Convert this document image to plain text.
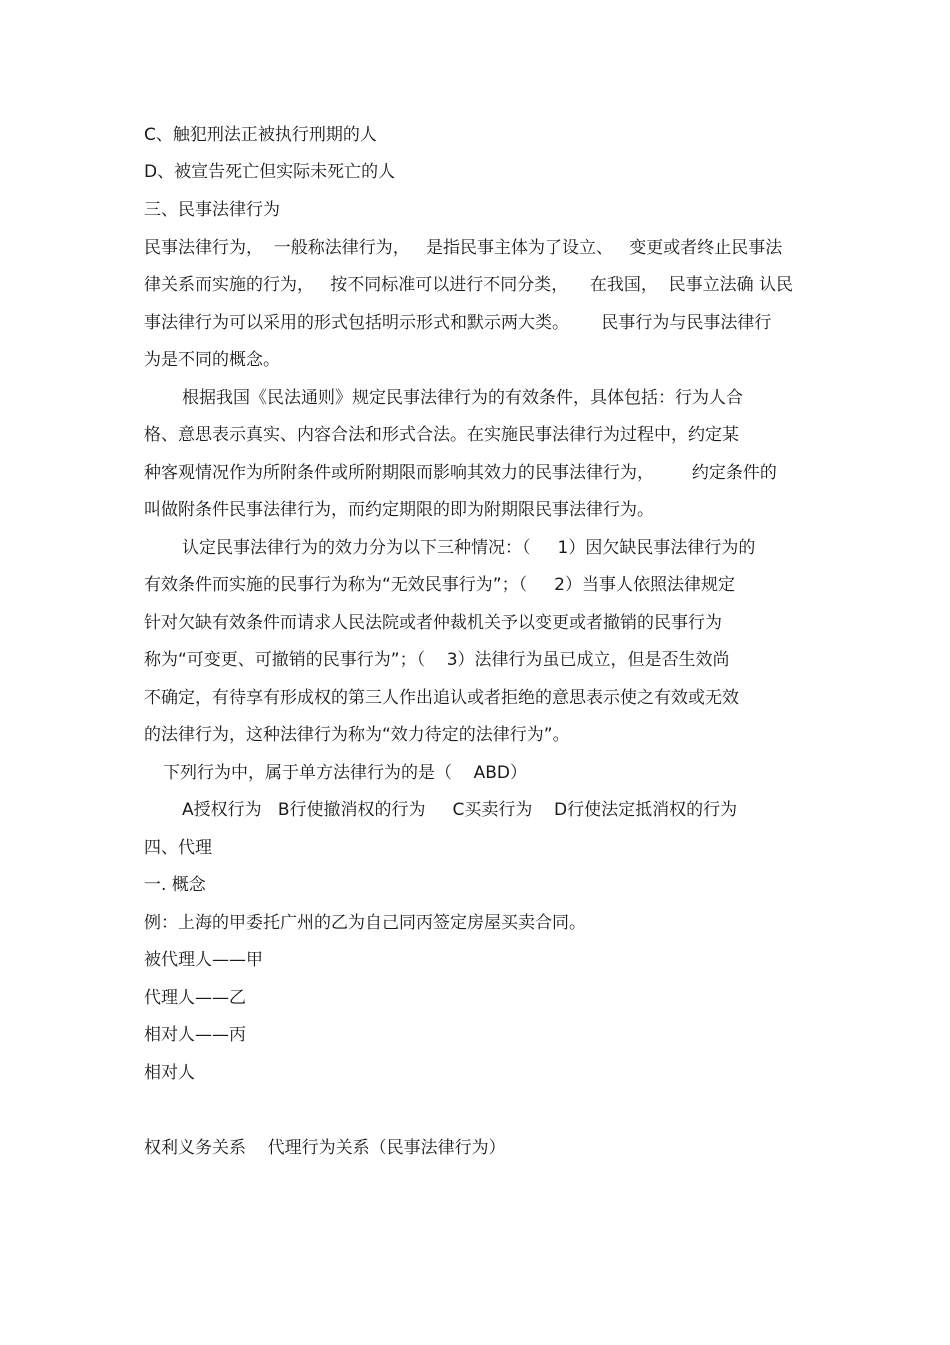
C、触犯刑法正被执行刑期的人
D、被宣告死亡但实际未死亡的人
三、民事法律行为
民事法律行为，  一般称法律行为，   是指民事主体为了设立、   变更或者终止民事法
律关系而实施的行为，   按不同标准可以进行不同分类，    在我国，  民事立法确 认民
事法律行为可以采用的形式包括明示形式和默示两大类。      民事行为与民事法律行
为是不同的概念。
根据我国《民法通则》规定民事法律行为的有效条件，具体包括：行为人合
格、意思表示真实、内容合法和形式合法。在实施民事法律行为过程中，约定某
种客观情况作为所附条件或所附期限而影响其效力的民事法律行为，       约定条件的
叫做附条件民事法律行为，而约定期限的即为附期限民事法律行为。
认定民事法律行为的效力分为以下三种情况：（     1）因欠缺民事法律行为的
有效条件而实施的民事行为称为“无效民事行为”；（     2）当事人依照法律规定
针对欠缺有效条件而请求人民法院或者仲裁机关予以变更或者撤销的民事行为
称为“可变更、可撤销的民事行为”；（    3）法律行为虽已成立，但是否生效尚
不确定，有待享有形成权的第三人作出追认或者拒绝的意思表示使之有效或无效
的法律行为，这种法律行为称为“效力待定的法律行为”。
下列行为中，属于单方法律行为的是（    ABD）
A授权行为   B行使撤消权的行为     C买卖行为    D行使法定抵消权的行为
四、代理
一. 概念
例：上海的甲委托广州的乙为自己同丙签定房屋买卖合同。
被代理人——甲
代理人——乙
相对人——丙
相对人
权利义务关系    代理行为关系（民事法律行为）
